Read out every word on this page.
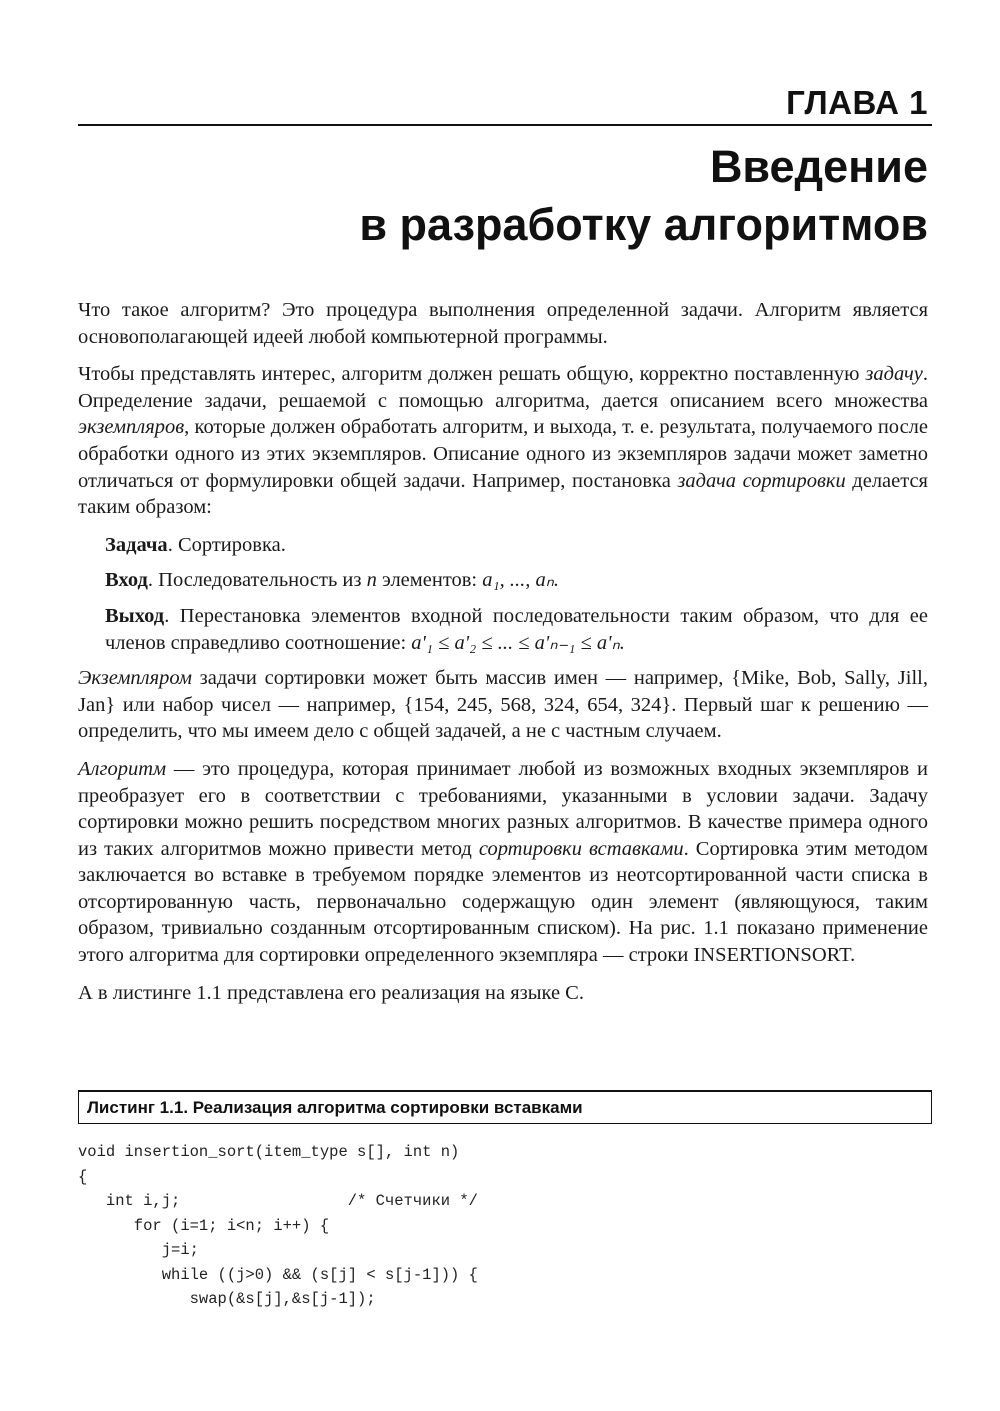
ГЛАВА 1
Введение
в разработку алгоритмов

Что такое алгоритм? Это процедура выполнения определенной задачи. Алгоритм является основополагающей идеей любой компьютерной программы.

Чтобы представлять интерес, алгоритм должен решать общую, корректно поставленную задачу. Определение задачи, решаемой с помощью алгоритма, дается описанием всего множества экземпляров, которые должен обработать алгоритм, и выхода, т. е. результата, получаемого после обработки одного из этих экземпляров. Описание одного из экземпляров задачи может заметно отличаться от формулировки общей задачи. Например, постановка задача сортировки делается таким образом:

Задача. Сортировка.

Вход. Последовательность из n элементов: a₁, ..., aₙ.

Выход. Перестановка элементов входной последовательности таким образом, что для ее членов справедливо соотношение: a'₁ ≤ a'₂ ≤ ... ≤ a'ₙ₋₁ ≤ a'ₙ.

Экземпляром задачи сортировки может быть массив имен — например, {Mike, Bob, Sally, Jill, Jan} или набор чисел — например, {154, 245, 568, 324, 654, 324}. Первый шаг к решению — определить, что мы имеем дело с общей задачей, а не с частным случаем.

Алгоритм — это процедура, которая принимает любой из возможных входных экземпляров и преобразует его в соответствии с требованиями, указанными в условии задачи. Задачу сортировки можно решить посредством многих разных алгоритмов. В качестве примера одного из таких алгоритмов можно привести метод сортировки вставками. Сортировка этим методом заключается во вставке в требуемом порядке элементов из неотсортированной части списка в отсортированную часть, первоначально содержащую один элемент (являющуюся, таким образом, тривиально созданным отсортированным списком). На рис. 1.1 показано применение этого алгоритма для сортировки определенного экземпляра — строки INSERTIONSORT.

А в листинге 1.1 представлена его реализация на языке С.

Листинг 1.1. Реализация алгоритма сортировки вставками
void insertion_sort(item_type s[], int n)
{
int i,j;                  /* Счетчики */
for (i=1; i<n; i++) {
j=i;
while ((j>0) && (s[j] < s[j-1])) {
swap(&s[j],&s[j-1]);
